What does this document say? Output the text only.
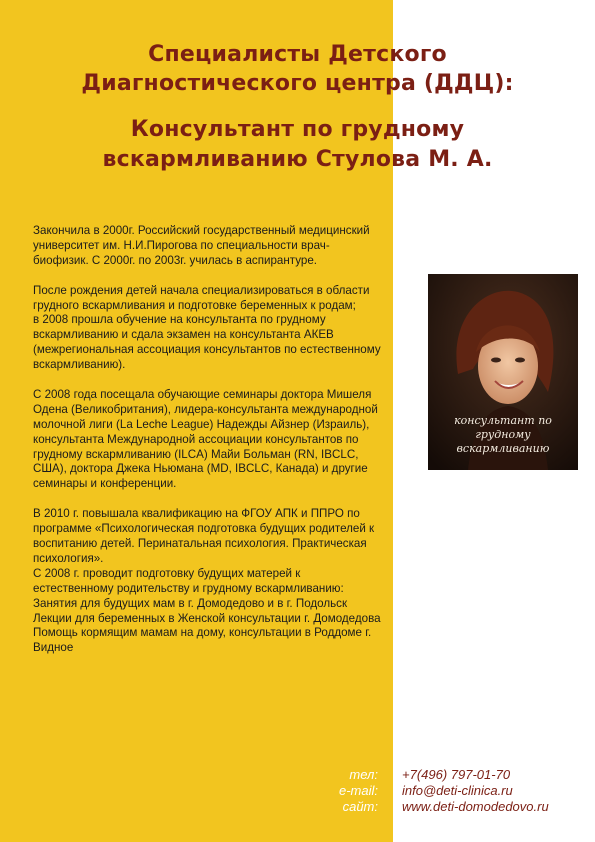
Специалисты Детского
Диагностического центра (ДДЦ):
Консультант по грудному
вскармливанию Стулова М. А.

Закончила в 2000г. Российский государственный медицинский университет им. Н.И.Пирогова по специальности врач-биофизик. С 2000г. по 2003г. училась в аспирантуре.

После рождения детей начала специализироваться в области грудного вскармливания и подготовке беременных к родам;
в 2008 прошла обучение на консультанта по грудному вскармливанию и сдала экзамен на консультанта АКЕВ (межрегиональная ассоциация консультантов по естественному вскармливанию).

С 2008 года посещала обучающие семинары доктора Мишеля Одена (Великобритания), лидера-консультанта международной молочной лиги (La Leche League) Надежды Айзнер (Израиль), консультанта Международной ассоциации консультантов по грудному вскармливанию (ILCA) Майи Больман (RN, IBCLC, США), доктора Джека Ньюмана (MD, IBCLC, Канада) и другие семинары и конференции.

В 2010 г. повышала квалификацию на ФГОУ АПК и ППРО по программе «Психологическая подготовка будущих родителей к воспитанию детей. Перинатальная психология. Практическая психология».
С 2008 г. проводит подготовку будущих матерей к естественному родительству и грудному вскармливанию:
Занятия для будущих мам в г. Домодедово и в г. Подольск
Лекции для беременных в Женской консультации г. Домодедова
Помощь кормящим мамам на дому, консультации в Роддоме г. Видное

консультант по
грудному
вскармливанию
тел:
e-mail:
сайт:
+7(496) 797-01-70
info@deti-clinica.ru
www.deti-domodedovo.ru
